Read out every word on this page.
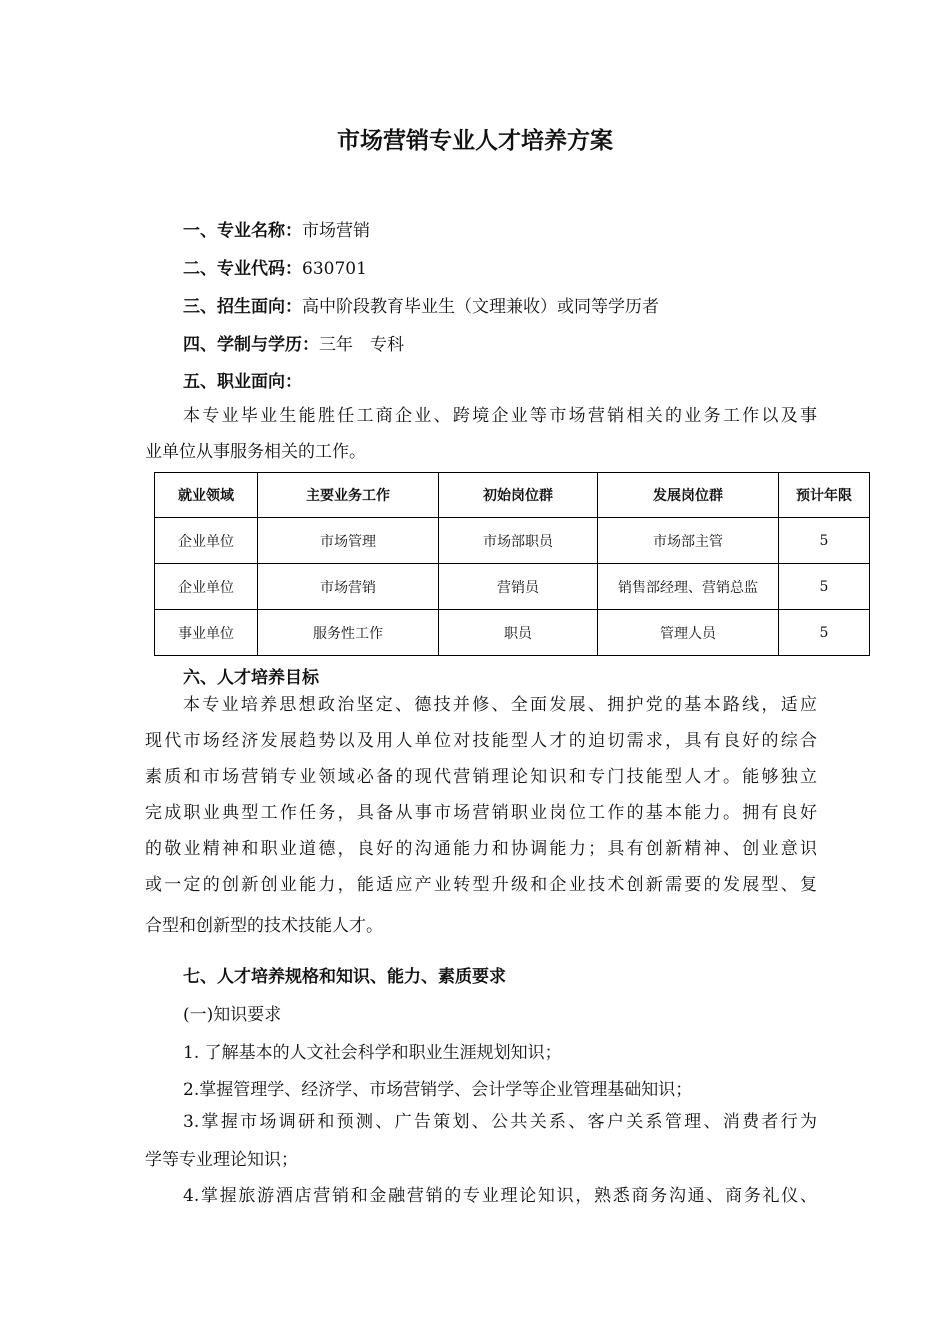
市场营销专业人才培养方案
一、专业名称：市场营销
二、专业代码：630701
三、招生面向：高中阶段教育毕业生（文理兼收）或同等学历者
四、学制与学历：三年　专科
五、职业面向：
本专业毕业生能胜任工商企业、跨境企业等市场营销相关的业务工作以及事
业单位从事服务相关的工作。
就业领域	主要业务工作	初始岗位群	发展岗位群	预计年限
企业单位	市场管理	市场部职员	市场部主管	5
企业单位	市场营销	营销员	销售部经理、营销总监	5
事业单位	服务性工作	职员	管理人员	5
六、人才培养目标
本专业培养思想政治坚定、德技并修、全面发展、拥护党的基本路线，适应
现代市场经济发展趋势以及用人单位对技能型人才的迫切需求，具有良好的综合
素质和市场营销专业领域必备的现代营销理论知识和专门技能型人才。能够独立
完成职业典型工作任务，具备从事市场营销职业岗位工作的基本能力。拥有良好
的敬业精神和职业道德，良好的沟通能力和协调能力；具有创新精神、创业意识
或一定的创新创业能力，能适应产业转型升级和企业技术创新需要的发展型、复
合型和创新型的技术技能人才。
七、人才培养规格和知识、能力、素质要求
(一)知识要求
1. 了解基本的人文社会科学和职业生涯规划知识；
2.掌握管理学、经济学、市场营销学、会计学等企业管理基础知识；
3.掌握市场调研和预测、广告策划、公共关系、客户关系管理、消费者行为
学等专业理论知识；
4.掌握旅游酒店营销和金融营销的专业理论知识，熟悉商务沟通、商务礼仪、
